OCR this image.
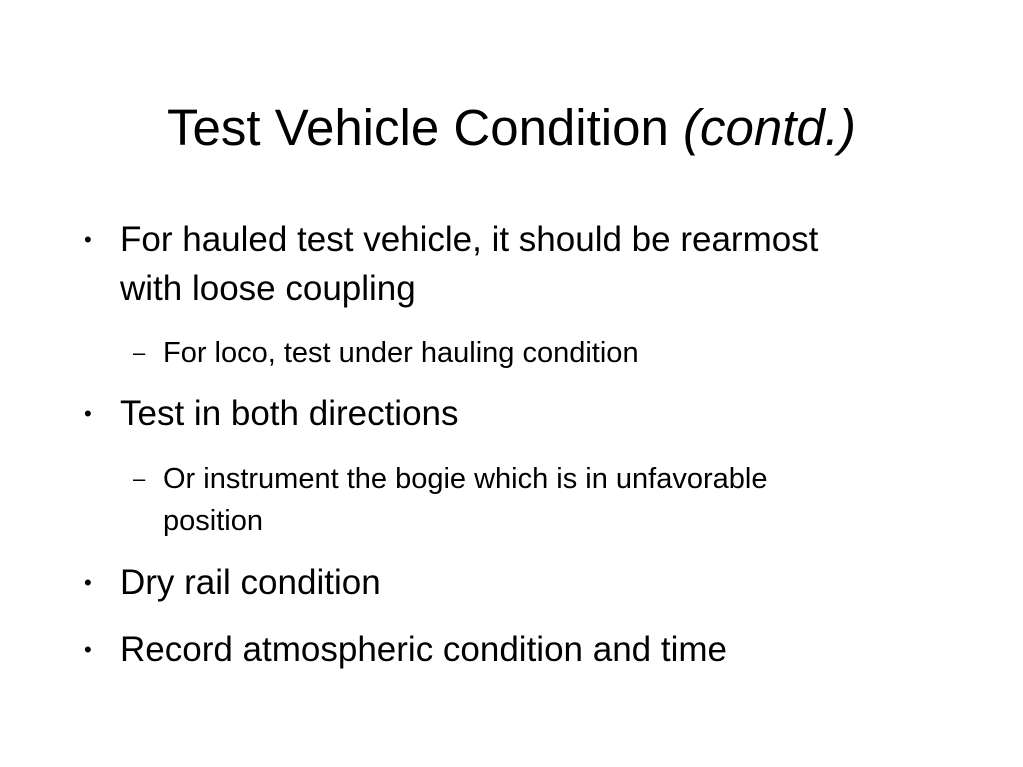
Test Vehicle Condition (contd.)
• For hauled test vehicle, it should be rearmost
with loose coupling
– For loco, test under hauling condition
• Test in both directions
– Or instrument the bogie which is in unfavorable
position
• Dry rail condition
• Record atmospheric condition and time
